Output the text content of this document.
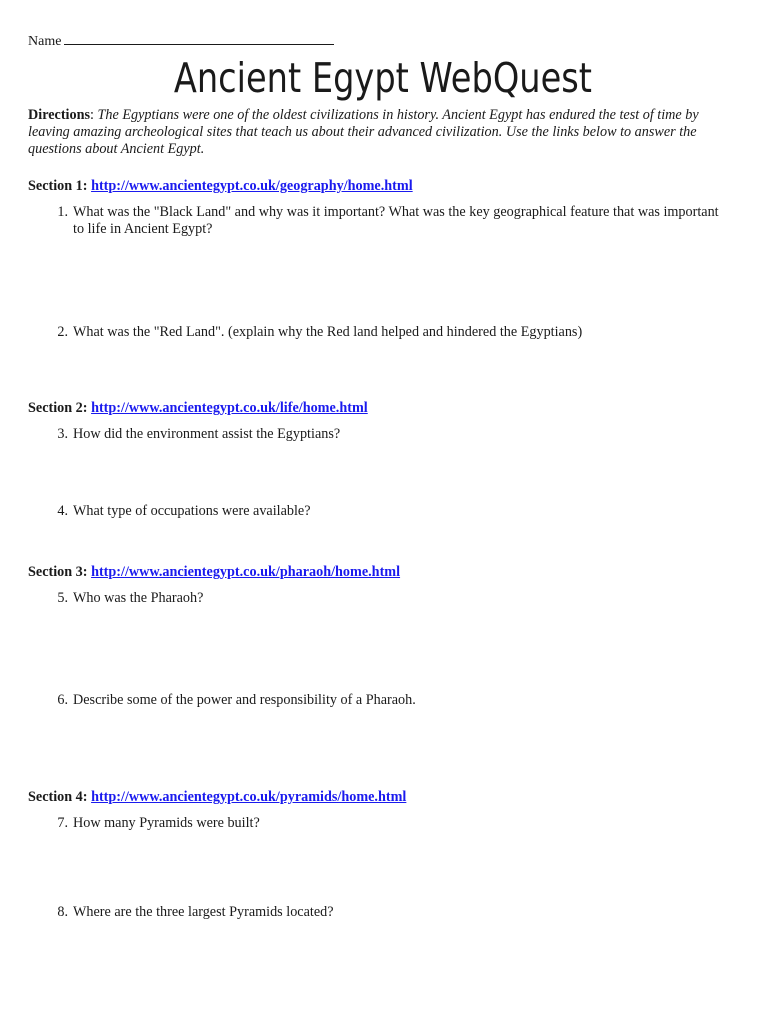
Name
Ancient Egypt WebQuest
Directions: The Egyptians were one of the oldest civilizations in history. Ancient Egypt has endured the test of time by leaving amazing archeological sites that teach us about their advanced civilization. Use the links below to answer the questions about Ancient Egypt.
Section 1: http://www.ancientegypt.co.uk/geography/home.html
1. What was the "Black Land" and why was it important? What was the key geographical feature that was important to life in Ancient Egypt?
2. What was the "Red Land". (explain why the Red land helped and hindered the Egyptians)
Section 2: http://www.ancientegypt.co.uk/life/home.html
3. How did the environment assist the Egyptians?
4. What type of occupations were available?
Section 3: http://www.ancientegypt.co.uk/pharaoh/home.html
5. Who was the Pharaoh?
6. Describe some of the power and responsibility of a Pharaoh.
Section 4: http://www.ancientegypt.co.uk/pyramids/home.html
7. How many Pyramids were built?
8. Where are the three largest Pyramids located?
